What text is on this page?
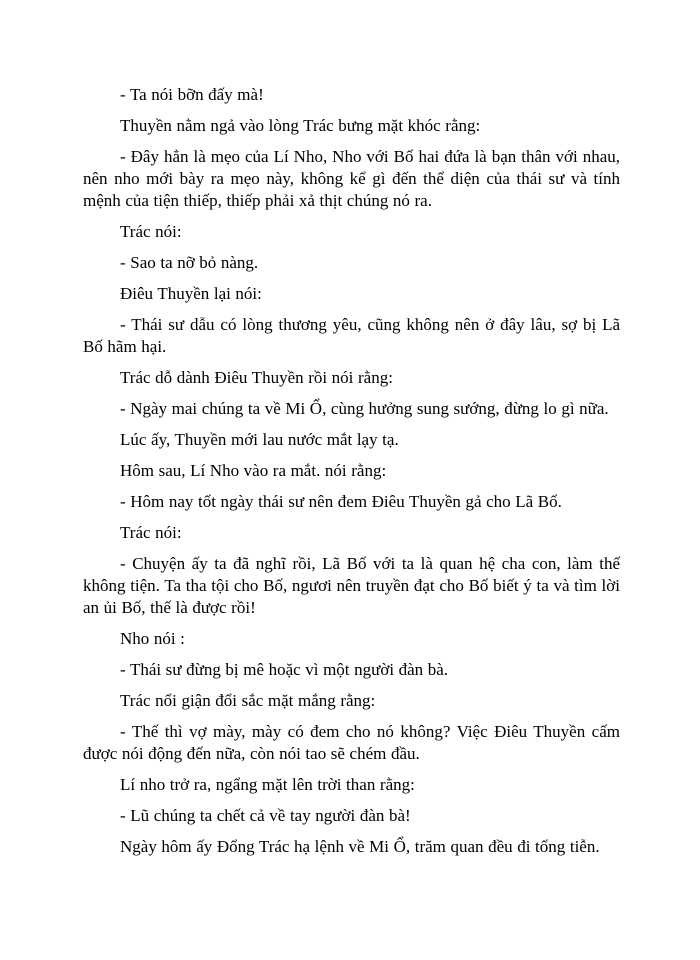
- Ta nói bỡn đấy mà!

Thuyền nằm ngả vào lòng Trác bưng mặt khóc rằng:

- Đây hẳn là mẹo của Lí Nho, Nho với Bố hai đứa là bạn thân với nhau, nên nho mới bày ra mẹo này, không kể gì đến thể diện của thái sư và tính mệnh của tiện thiếp, thiếp phải xả thịt chúng nó ra.

Trác nói:

- Sao ta nỡ bỏ nàng.

Điêu Thuyền lại nói:

- Thái sư dẫu có lòng thương yêu, cũng không nên ở đây lâu, sợ bị Lã Bố hãm hại.

Trác dỗ dành Điêu Thuyền rồi nói rằng:

- Ngày mai chúng ta về Mi Ổ, cùng hưởng sung sướng, đừng lo gì nữa.

Lúc ấy, Thuyền mới lau nước mắt lạy tạ.

Hôm sau, Lí Nho vào ra mắt. nói rằng:

- Hôm nay tốt ngày thái sư nên đem Điêu Thuyền gả cho Lã Bố.

Trác nói:

- Chuyện ấy ta đã nghĩ rồi, Lã Bố với ta là quan hệ cha con, làm thế không tiện. Ta tha tội cho Bố, ngươi nên truyền đạt cho Bố biết ý ta và tìm lời an ủi Bố, thế là được rồi!

Nho nói :

- Thái sư đừng bị mê hoặc vì một người đàn bà.

Trác nổi giận đổi sắc mặt mắng rằng:

- Thế thì vợ mày, mày có đem cho nó không? Việc Điêu Thuyền cấm được nói động đến nữa, còn nói tao sẽ chém đầu.

Lí nho trở ra, ngẩng mặt lên trời than rằng:

- Lũ chúng ta chết cả về tay người đàn bà!

Ngày hôm ấy Đổng Trác hạ lệnh về Mi Ổ, trăm quan đều đi tống tiễn.
